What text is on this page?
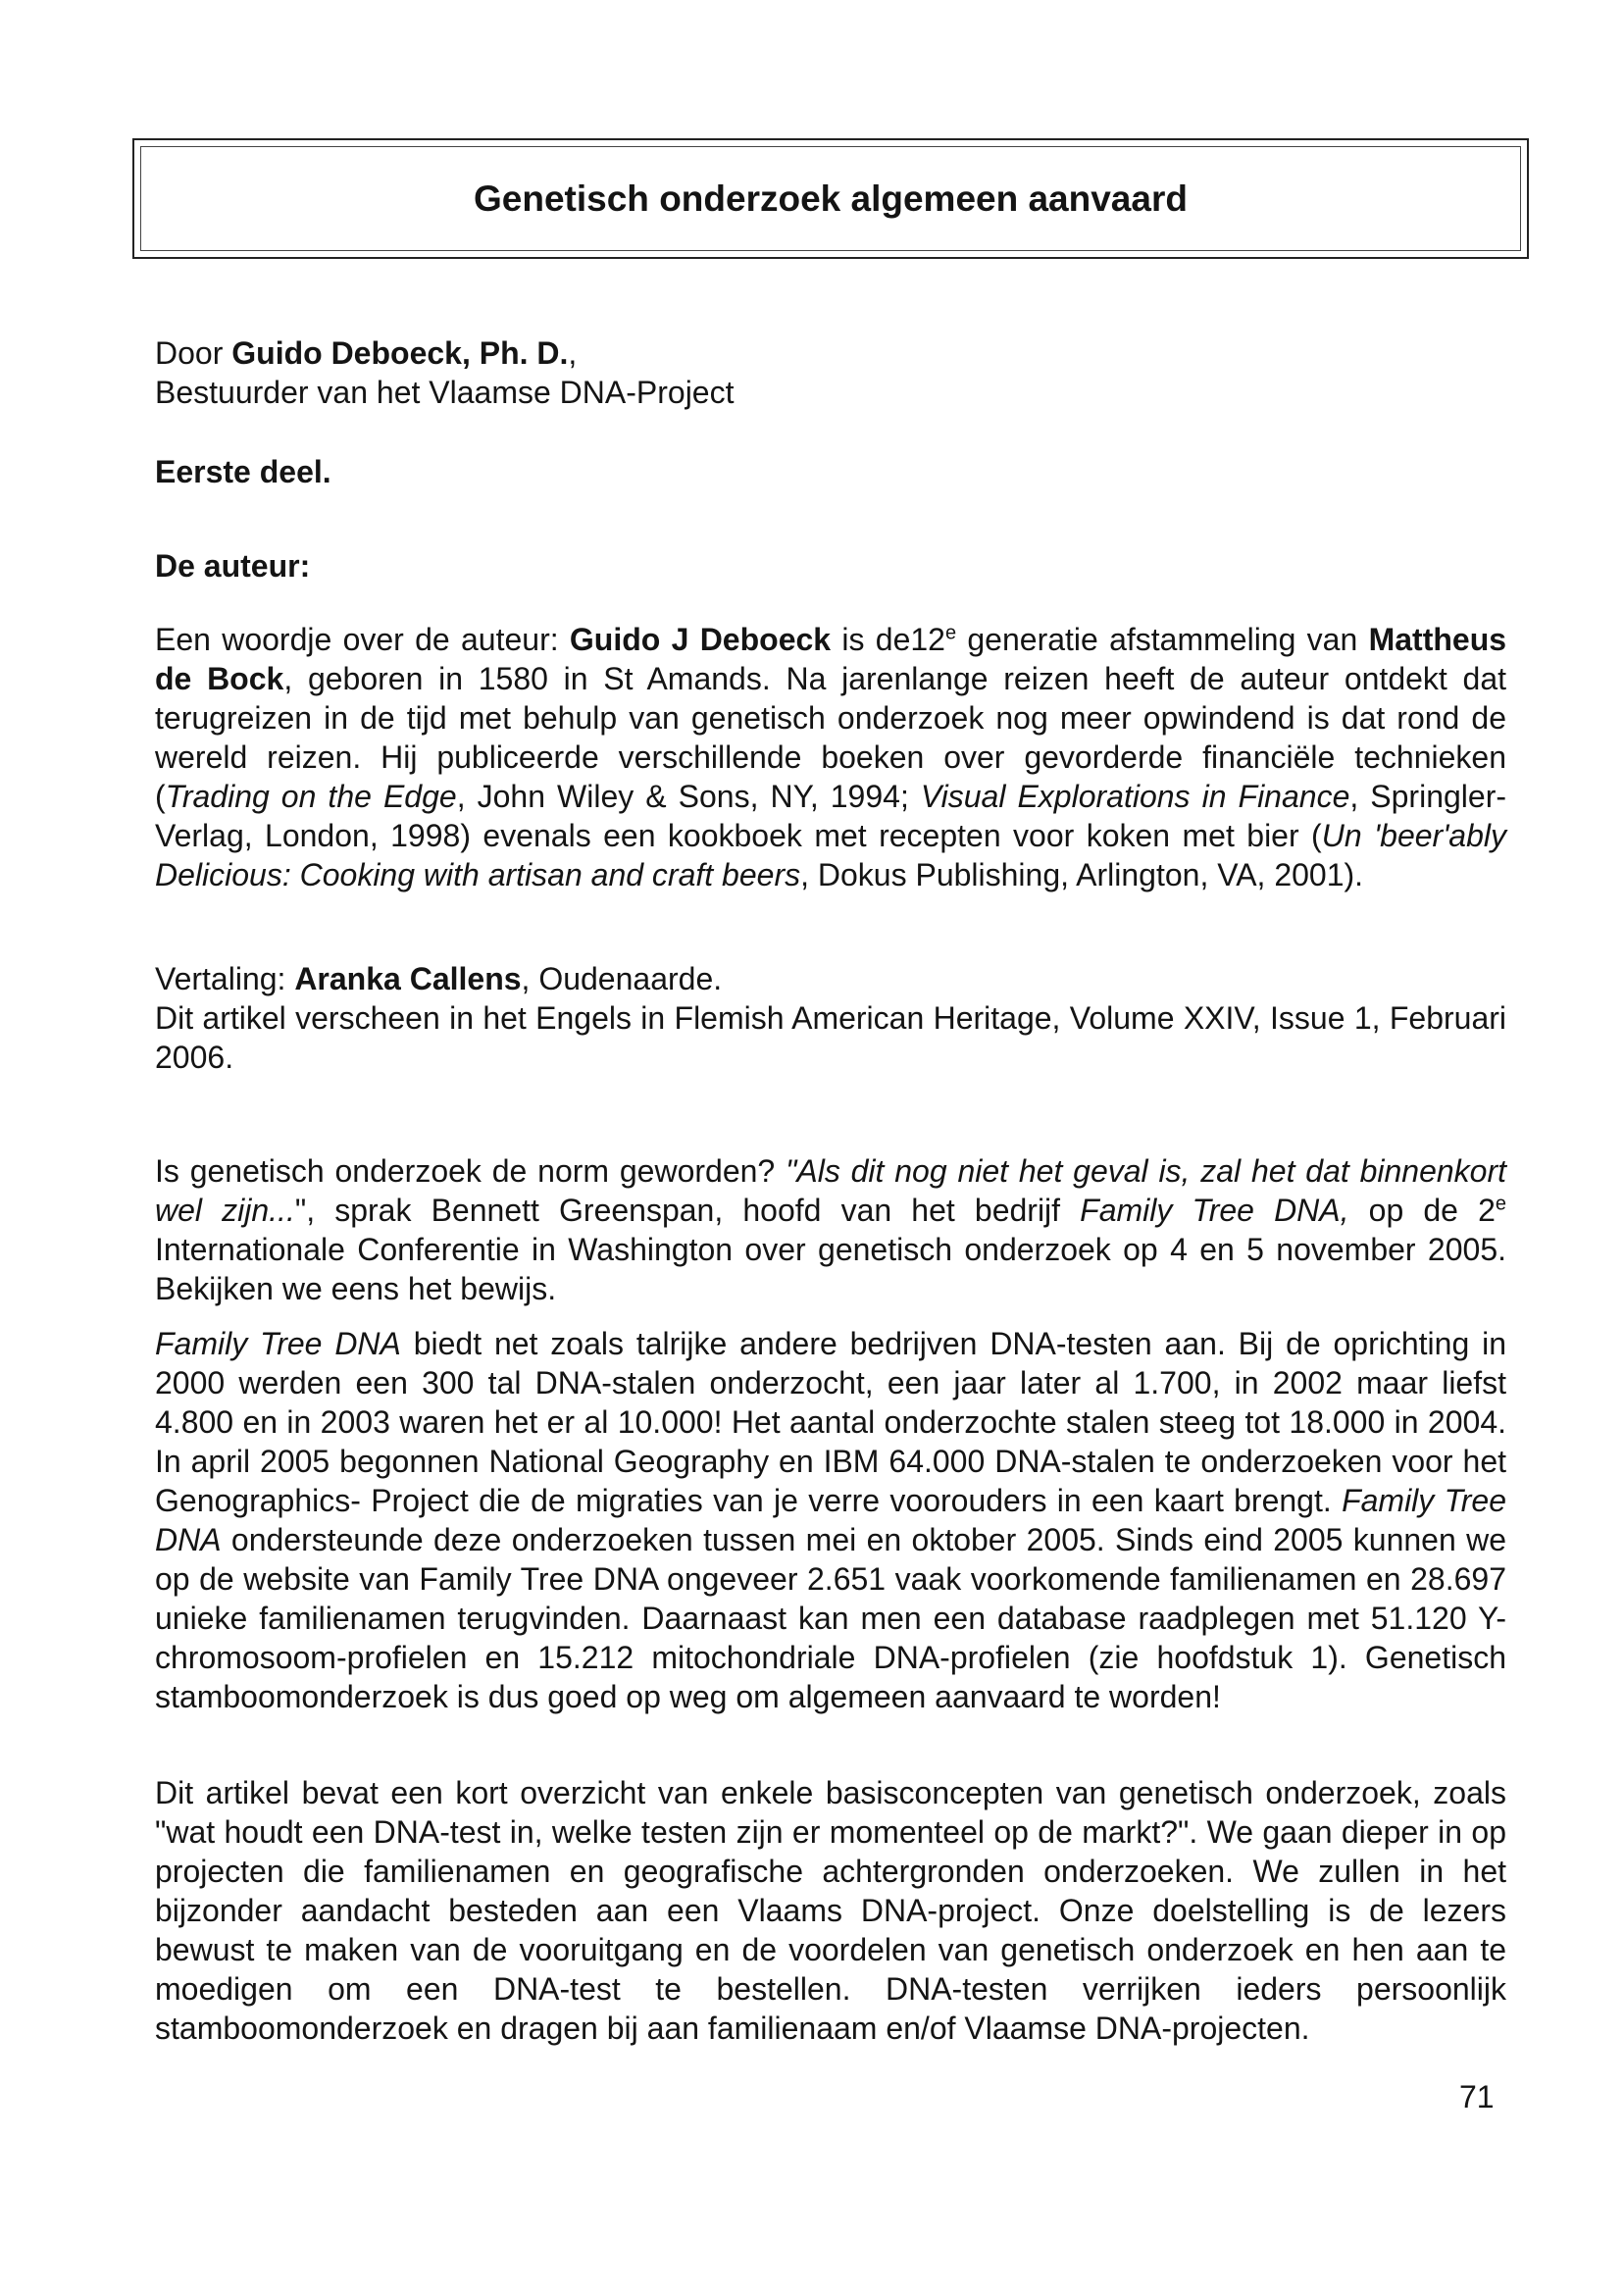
Genetisch onderzoek algemeen aanvaard

Door Guido Deboeck, Ph. D.,
Bestuurder van het Vlaamse DNA-Project

Eerste deel.

De auteur:

Een woordje over de auteur: Guido J Deboeck is de12e generatie afstammeling van Mattheus de Bock, geboren in 1580 in St Amands. Na jarenlange reizen heeft de auteur ontdekt dat terugreizen in de tijd met behulp van genetisch onderzoek nog meer opwindend is dat rond de wereld reizen. Hij publiceerde verschillende boeken over gevorderde financiële technieken (Trading on the Edge, John Wiley & Sons, NY, 1994; Visual Explorations in Finance, Springler-Verlag, London, 1998) evenals een kookboek met recepten voor koken met bier (Un 'beer'ably Delicious: Cooking with artisan and craft beers, Dokus Publishing, Arlington, VA, 2001).

Vertaling: Aranka Callens, Oudenaarde.

Dit artikel verscheen in het Engels in Flemish American Heritage, Volume XXIV, Issue 1, Februari 2006.

Is genetisch onderzoek de norm geworden? "Als dit nog niet het geval is, zal het dat binnenkort wel zijn...", sprak Bennett Greenspan, hoofd van het bedrijf Family Tree DNA, op de 2e Internationale Conferentie in Washington over genetisch onderzoek op 4 en 5 november 2005. Bekijken we eens het bewijs.

Family Tree DNA biedt net zoals talrijke andere bedrijven DNA-testen aan. Bij de oprichting in 2000 werden een 300 tal DNA-stalen onderzocht, een jaar later al 1.700, in 2002 maar liefst 4.800 en in 2003 waren het er al 10.000! Het aantal onderzochte stalen steeg tot 18.000 in 2004. In april 2005 begonnen National Geography en IBM 64.000 DNA-stalen te onderzoeken voor het Genographics- Project die de migraties van je verre voorouders in een kaart brengt. Family Tree DNA ondersteunde deze onderzoeken tussen mei en oktober 2005. Sinds eind 2005 kunnen we op de website van Family Tree DNA ongeveer 2.651 vaak voorkomende familienamen en 28.697 unieke familienamen terugvinden. Daarnaast kan men een database raadplegen met 51.120 Y-chromosoom-profielen en 15.212 mitochondriale DNA-profielen (zie hoofdstuk 1). Genetisch stamboomonderzoek is dus goed op weg om algemeen aanvaard te worden!

Dit artikel bevat een kort overzicht van enkele basisconcepten van genetisch onderzoek, zoals "wat houdt een DNA-test in, welke testen zijn er momenteel op de markt?". We gaan dieper in op projecten die familienamen en geografische achtergronden onderzoeken. We zullen in het bijzonder aandacht besteden aan een Vlaams DNA-project. Onze doelstelling is de lezers bewust te maken van de vooruitgang en de voordelen van genetisch onderzoek en hen aan te moedigen om een DNA-test te bestellen. DNA-testen verrijken ieders persoonlijk stamboomonderzoek en dragen bij aan familienaam en/of Vlaamse DNA-projecten.

71
